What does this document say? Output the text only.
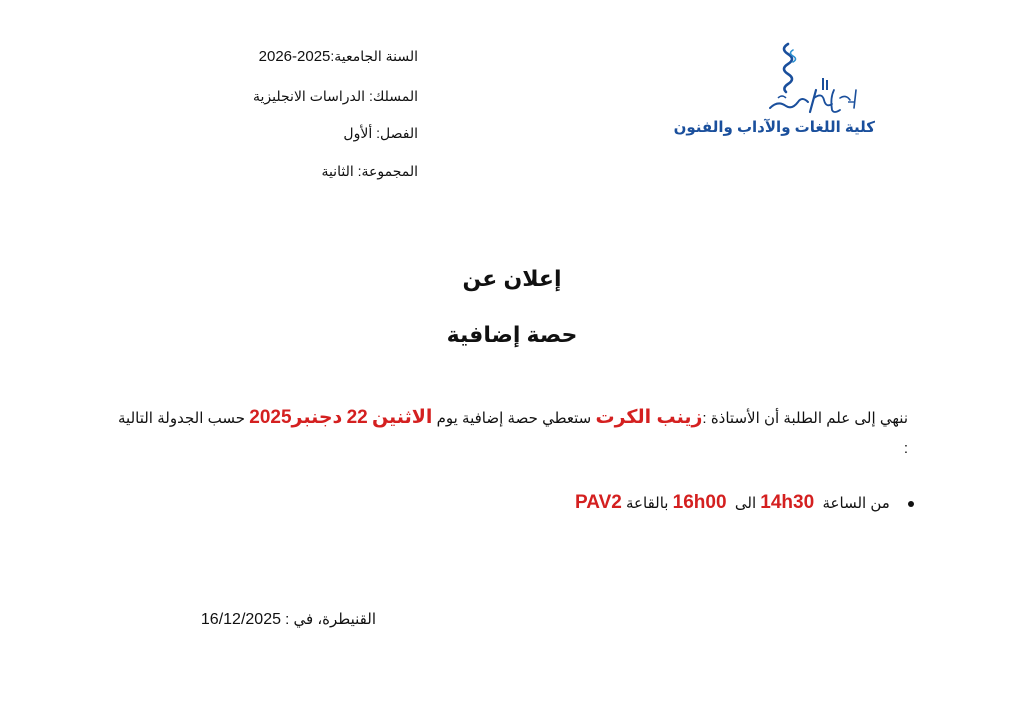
السنة الجامعية:2026-2025
المسلك: الدراسات الانجليزية
الفصل: ألأول
المجموعة: الثانية
كلية اللغات والآداب والفنون
إعلان عن
حصة إضافية
ننهي إلى علم الطلبة أن الأستاذة :زينب الكرت ستعطي حصة إضافية يوم الاثنين 22 دجنبر2025 حسب الجدولة التالية :
من الساعة  14h30 الى  16h00 بالقاعة PAV2
القنيطرة، في : 16/12/2025
